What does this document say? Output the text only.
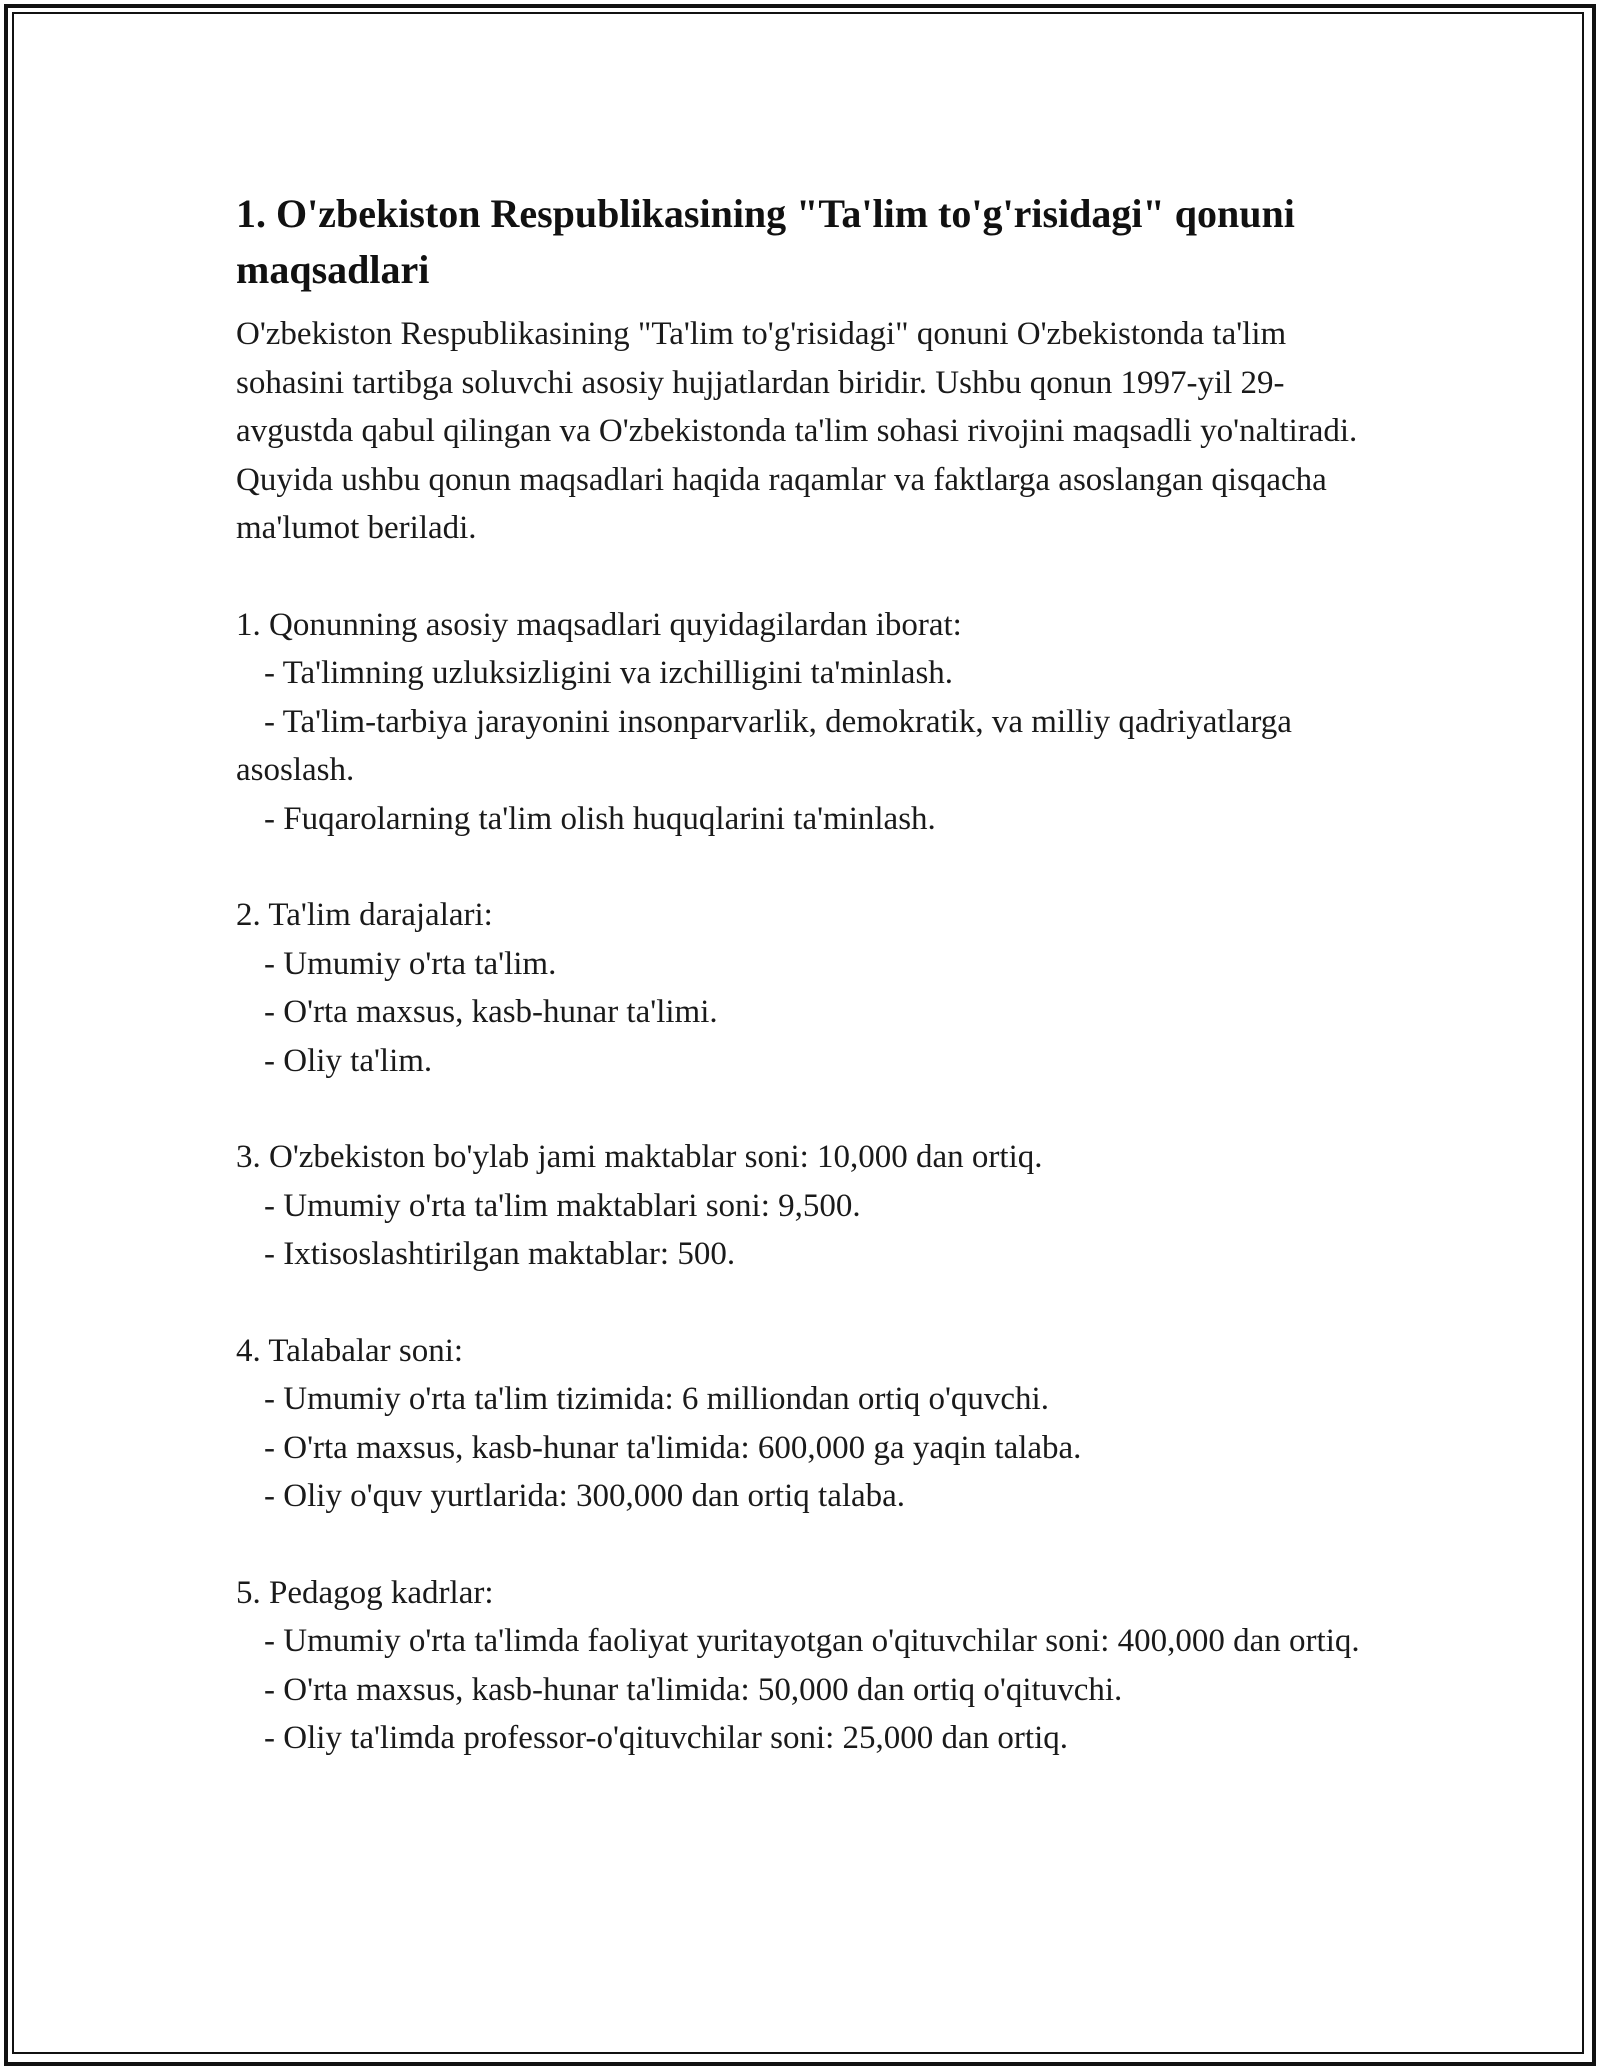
1. O'zbekiston Respublikasining "Ta'lim to'g'risidagi" qonuni maqsadlari

O'zbekiston Respublikasining "Ta'lim to'g'risidagi" qonuni O'zbekistonda ta'lim sohasini tartibga soluvchi asosiy hujjatlardan biridir. Ushbu qonun 1997-yil 29-avgustda qabul qilingan va O'zbekistonda ta'lim sohasi rivojini maqsadli yo'naltiradi. Quyida ushbu qonun maqsadlari haqida raqamlar va faktlarga asoslangan qisqacha ma'lumot beriladi.

1. Qonunning asosiy maqsadlari quyidagilardan iborat:

- Ta'limning uzluksizligini va izchilligini ta'minlash.

- Ta'lim-tarbiya jarayonini insonparvarlik, demokratik, va milliy qadriyatlarga asoslash.

- Fuqarolarning ta'lim olish huquqlarini ta'minlash.

2. Ta'lim darajalari:

- Umumiy o'rta ta'lim.

- O'rta maxsus, kasb-hunar ta'limi.

- Oliy ta'lim.

3. O'zbekiston bo'ylab jami maktablar soni: 10,000 dan ortiq.

- Umumiy o'rta ta'lim maktablari soni: 9,500.

- Ixtisoslashtirilgan maktablar: 500.

4. Talabalar soni:

- Umumiy o'rta ta'lim tizimida: 6 milliondan ortiq o'quvchi.

- O'rta maxsus, kasb-hunar ta'limida: 600,000 ga yaqin talaba.

- Oliy o'quv yurtlarida: 300,000 dan ortiq talaba.

5. Pedagog kadrlar:

- Umumiy o'rta ta'limda faoliyat yuritayotgan o'qituvchilar soni: 400,000 dan ortiq.

- O'rta maxsus, kasb-hunar ta'limida: 50,000 dan ortiq o'qituvchi.

- Oliy ta'limda professor-o'qituvchilar soni: 25,000 dan ortiq.
